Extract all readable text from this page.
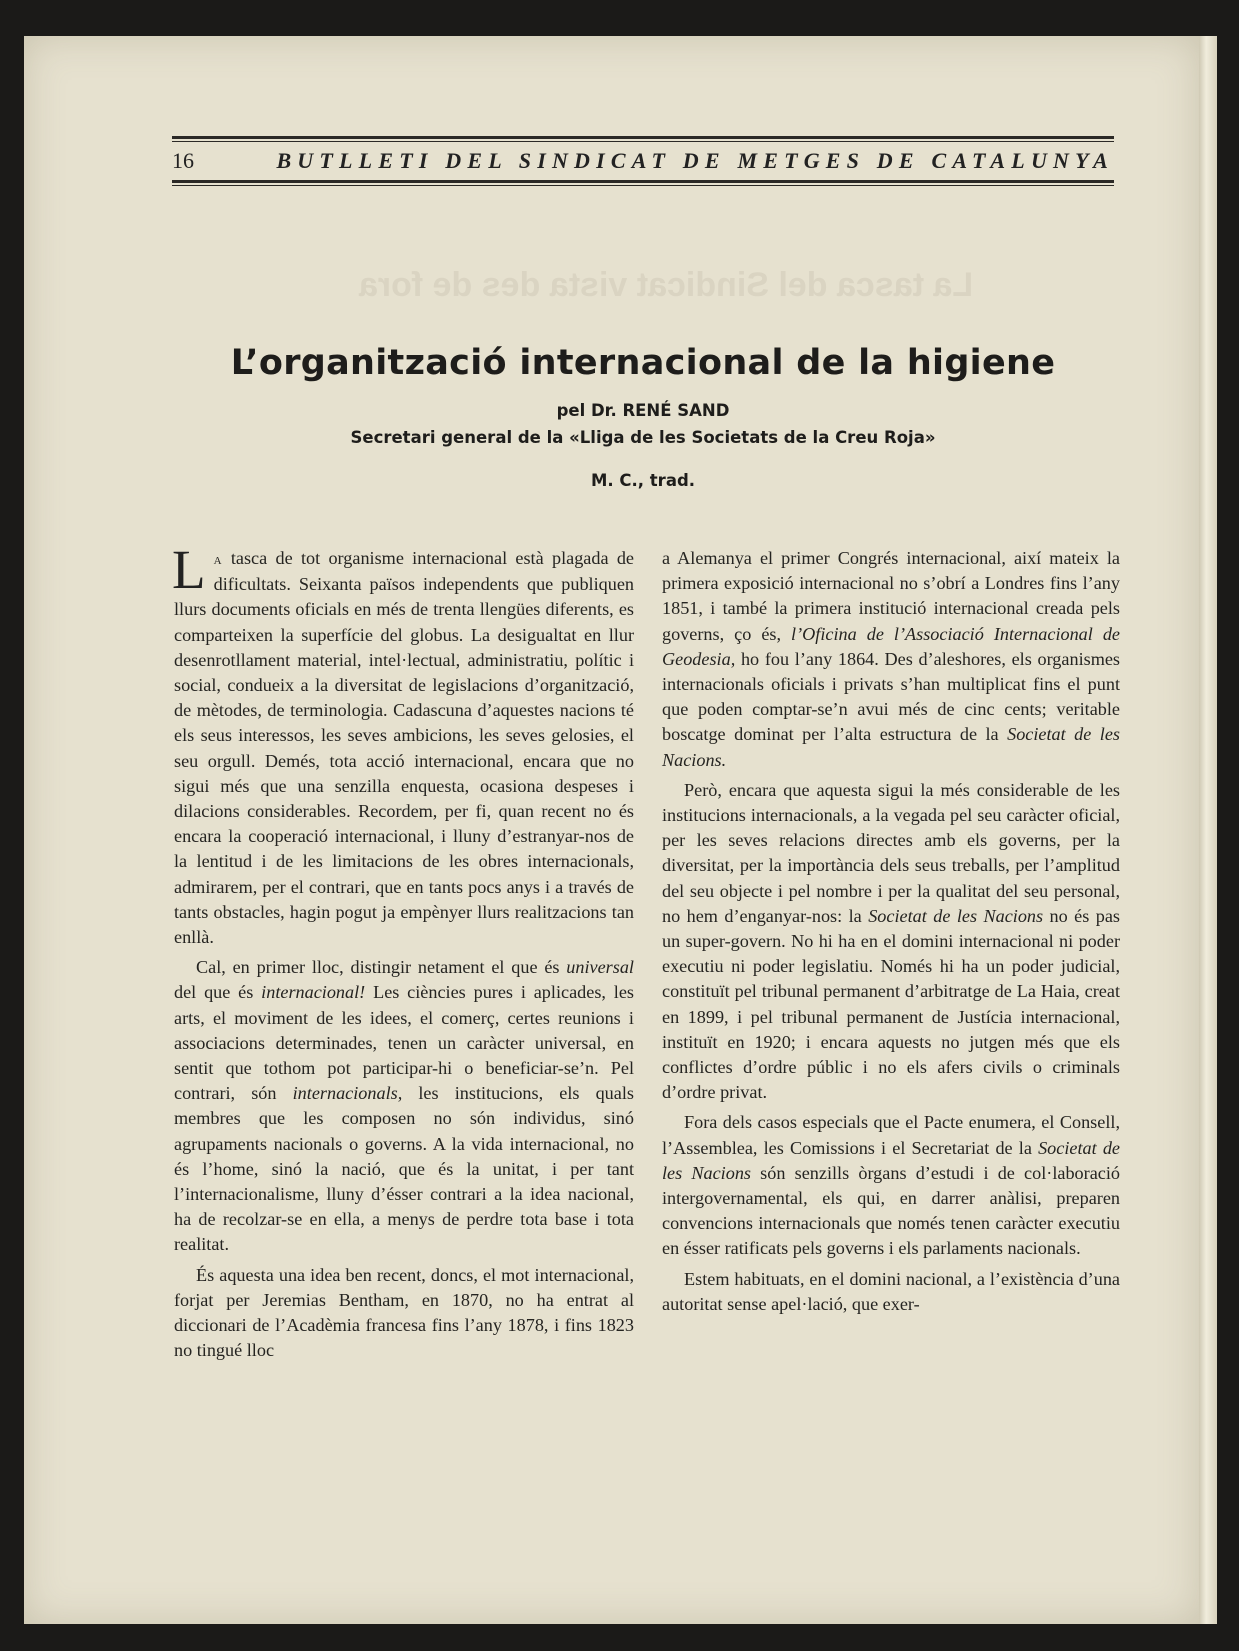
16	BUTLLETI DEL SINDICAT DE METGES DE CATALUNYA
La tasca del Sindicat vista des de fora
L’organització internacional de la higiene
pel Dr. RENÉ SAND
Secretari general de la «Lliga de les Societats de la Creu Roja»
M. C., trad.

La tasca de tot organisme internacional està plagada de dificultats. Seixanta països independents que publiquen llurs documents oficials en més de trenta llengües diferents, es comparteixen la superfície del globus. La desigualtat en llur desenrotllament material, intel·lectual, administratiu, polític i social, condueix a la diversitat de legislacions d’organització, de mètodes, de terminologia. Cadascuna d’aquestes nacions té els seus interessos, les seves ambicions, les seves gelosies, el seu orgull. Demés, tota acció internacional, encara que no sigui més que una senzilla enquesta, ocasiona despeses i dilacions considerables. Recordem, per fi, quan recent no és encara la cooperació internacional, i lluny d’estranyar-nos de la lentitud i de les limitacions de les obres internacionals, admirarem, per el contrari, que en tants pocs anys i a través de tants obstacles, hagin pogut ja empènyer llurs realitzacions tan enllà.

Cal, en primer lloc, distingir netament el que és universal del que és internacional! Les ciències pures i aplicades, les arts, el moviment de les idees, el comerç, certes reunions i associacions determinades, tenen un caràcter universal, en sentit que tothom pot participar-hi o beneficiar-se’n. Pel contrari, són internacionals, les institucions, els quals membres que les composen no són individus, sinó agrupaments nacionals o governs. A la vida internacional, no és l’home, sinó la nació, que és la unitat, i per tant l’internacionalisme, lluny d’ésser contrari a la idea nacional, ha de recolzar-se en ella, a menys de perdre tota base i tota realitat.

És aquesta una idea ben recent, doncs, el mot internacional, forjat per Jeremias Bentham, en 1870, no ha entrat al diccionari de l’Acadèmia francesa fins l’any 1878, i fins 1823 no tingué lloc

a Alemanya el primer Congrés internacional, així mateix la primera exposició internacional no s’obrí a Londres fins l’any 1851, i també la primera institució internacional creada pels governs, ço és, l’Oficina de l’Associació Internacional de Geodesia, ho fou l’any 1864. Des d’aleshores, els organismes internacionals oficials i privats s’han multiplicat fins el punt que poden comptar-se’n avui més de cinc cents; veritable boscatge dominat per l’alta estructura de la Societat de les Nacions.

Però, encara que aquesta sigui la més considerable de les institucions internacionals, a la vegada pel seu caràcter oficial, per les seves relacions directes amb els governs, per la diversitat, per la importància dels seus treballs, per l’amplitud del seu objecte i pel nombre i per la qualitat del seu personal, no hem d’enganyar-nos: la Societat de les Nacions no és pas un super-govern. No hi ha en el domini internacional ni poder executiu ni poder legislatiu. Només hi ha un poder judicial, constituït pel tribunal permanent d’arbitratge de La Haia, creat en 1899, i pel tribunal permanent de Justícia internacional, instituït en 1920; i encara aquests no jutgen més que els conflictes d’ordre públic i no els afers civils o criminals d’ordre privat.

Fora dels casos especials que el Pacte enumera, el Consell, l’Assemblea, les Comissions i el Secretariat de la Societat de les Nacions són senzills òrgans d’estudi i de col·laboració intergovernamental, els qui, en darrer anàlisi, preparen convencions internacionals que només tenen caràcter executiu en ésser ratificats pels governs i els parlaments nacionals.

Estem habituats, en el domini nacional, a l’existència d’una autoritat sense apel·lació, que exer-
